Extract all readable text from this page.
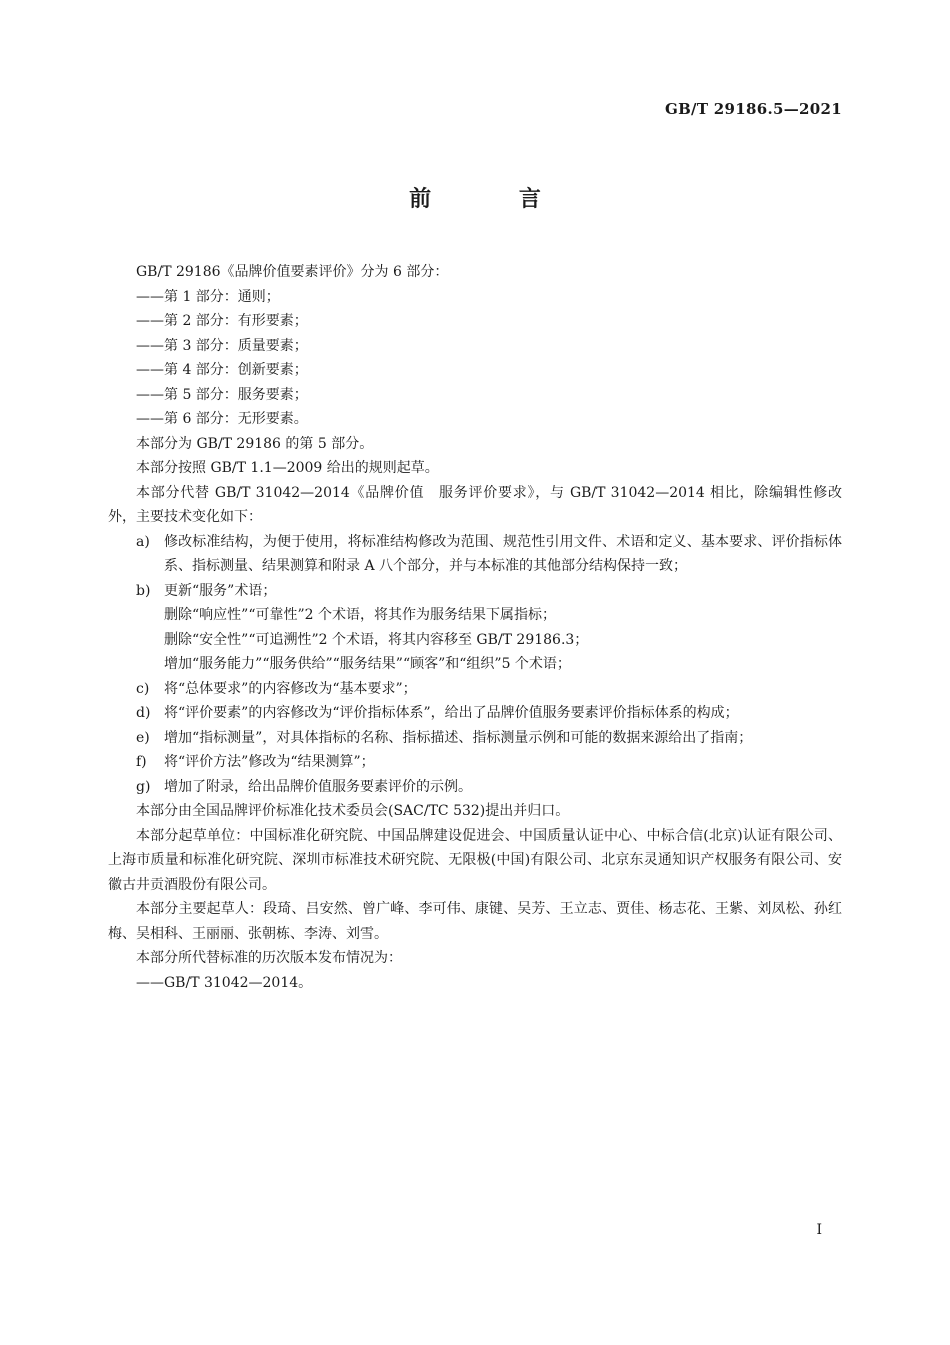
GB/T 29186.5—2021
前 言

GB/T 29186《品牌价值要素评价》分为 6 部分：

——第 1 部分：通则；

——第 2 部分：有形要素；

——第 3 部分：质量要素；

——第 4 部分：创新要素；

——第 5 部分：服务要素；

——第 6 部分：无形要素。

本部分为 GB/T 29186 的第 5 部分。

本部分按照 GB/T 1.1—2009 给出的规则起草。

本部分代替 GB/T 31042—2014《品牌价值　服务评价要求》，与 GB/T 31042—2014 相比，除编辑性修改外，主要技术变化如下：

a)	修改标准结构，为便于使用，将标准结构修改为范围、规范性引用文件、术语和定义、基本要求、评价指标体系、指标测量、结果测算和附录 A 八个部分，并与本标准的其他部分结构保持一致；
b) 更新“服务”术语；

删除“响应性”“可靠性”2 个术语，将其作为服务结果下属指标；

删除“安全性”“可追溯性”2 个术语，将其内容移至 GB/T 29186.3；

增加“服务能力”“服务供给”“服务结果”“顾客”和“组织”5 个术语；

c)	将“总体要求”的内容修改为“基本要求”；
d) 将“评价要素”的内容修改为“评价指标体系”，给出了品牌价值服务要素评价指标体系的构成；
e)	增加“指标测量”，对具体指标的名称、指标描述、指标测量示例和可能的数据来源给出了指南；
f)	将“评价方法”修改为“结果测算”；
g) 增加了附录，给出品牌价值服务要素评价的示例。

本部分由全国品牌评价标准化技术委员会(SAC/TC 532)提出并归口。

本部分起草单位：中国标准化研究院、中国品牌建设促进会、中国质量认证中心、中标合信(北京)认证有限公司、上海市质量和标准化研究院、深圳市标准技术研究院、无限极(中国)有限公司、北京东灵通知识产权服务有限公司、安徽古井贡酒股份有限公司。

本部分主要起草人：段琦、吕安然、曾广峰、李可伟、康键、吴芳、王立志、贾佳、杨志花、王紫、刘凤松、孙红梅、吴相科、王丽丽、张朝栋、李涛、刘雪。

本部分所代替标准的历次版本发布情况为：

——GB/T 31042—2014。

I
